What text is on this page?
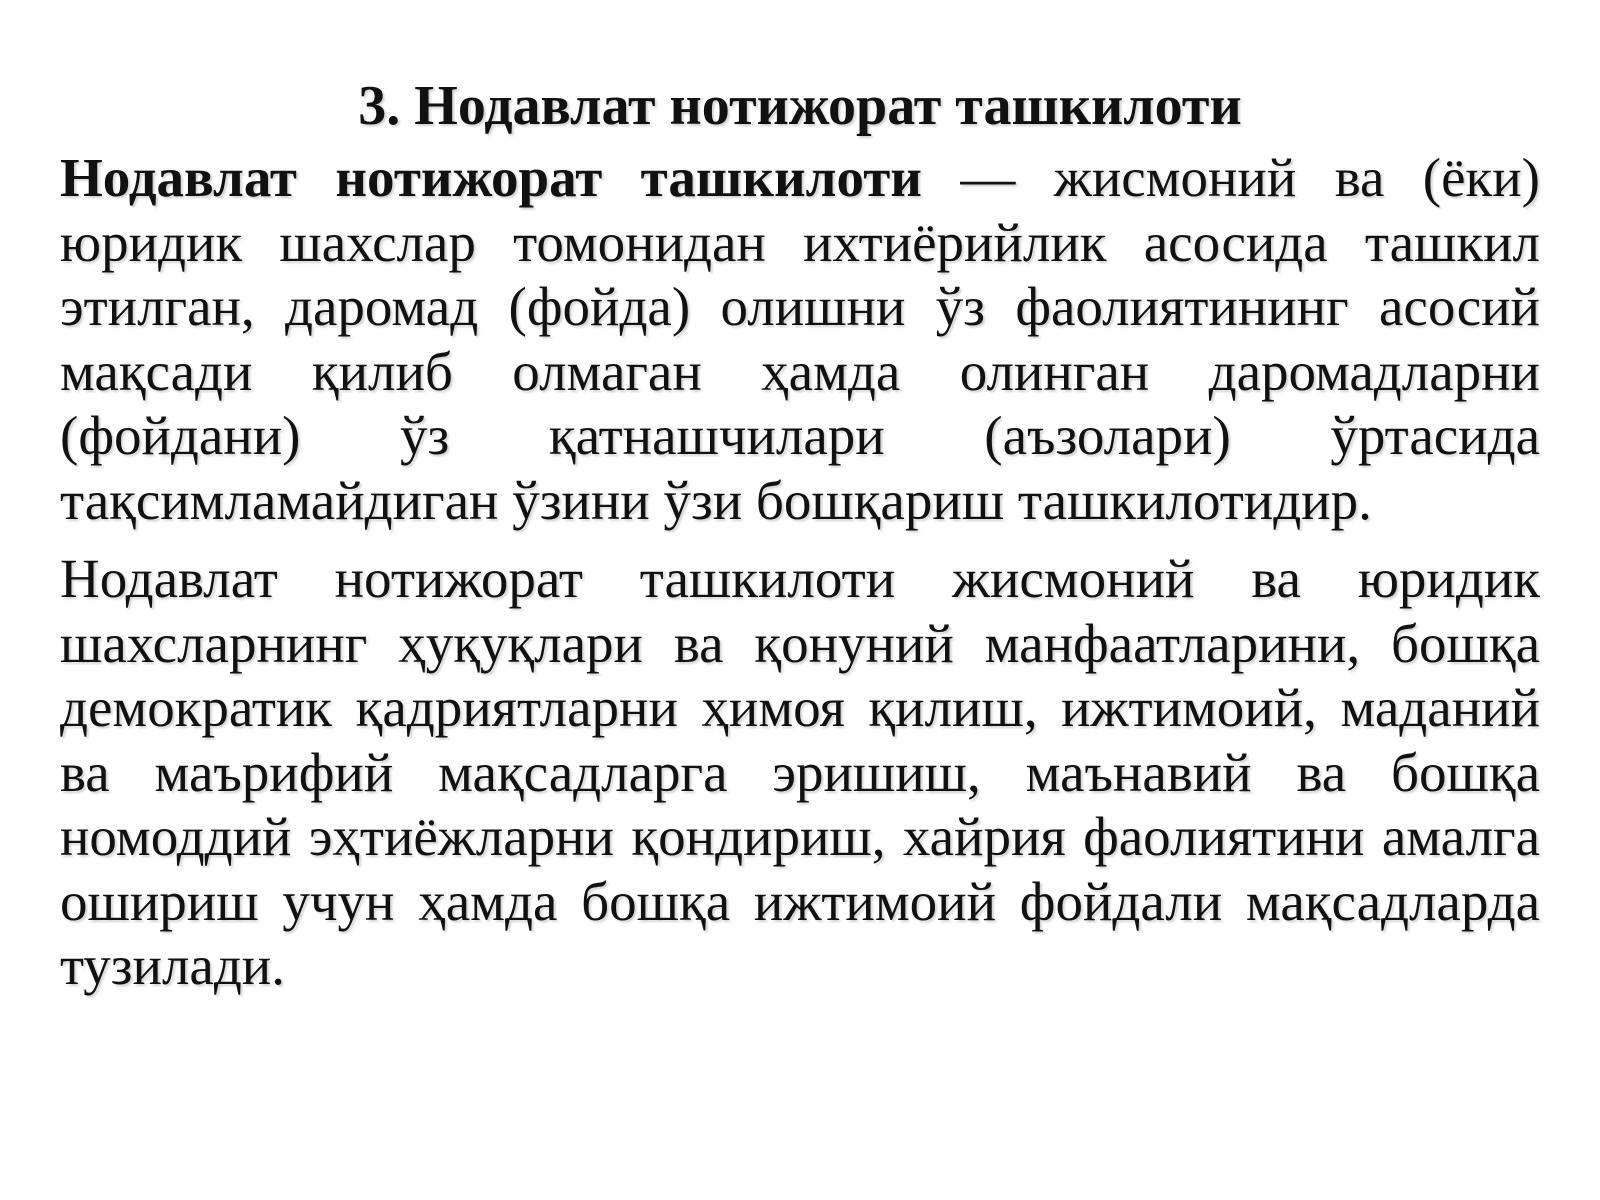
3. Нодавлат нотижорат ташкилоти

Нодавлат нотижорат ташкилоти — жисмоний ва (ёки) юридик шахслар томонидан ихтиёрийлик асосида ташкил этилган, даромад (фойда) олишни ўз фаолиятининг асосий мақсади қилиб олмаган ҳамда олинган даромадларни (фойдани) ўз қатнашчилари (аъзолари) ўртасида тақсимламайдиган ўзини ўзи бошқариш ташкилотидир.

Нодавлат нотижорат ташкилоти жисмоний ва юридик шахсларнинг ҳуқуқлари ва қонуний манфаатларини, бошқа демократик қадриятларни ҳимоя қилиш, ижтимоий, маданий ва маърифий мақсадларга эришиш, маънавий ва бошқа номоддий эҳтиёжларни қондириш, хайрия фаолиятини амалга ошириш учун ҳамда бошқа ижтимоий фойдали мақсадларда тузилади.
